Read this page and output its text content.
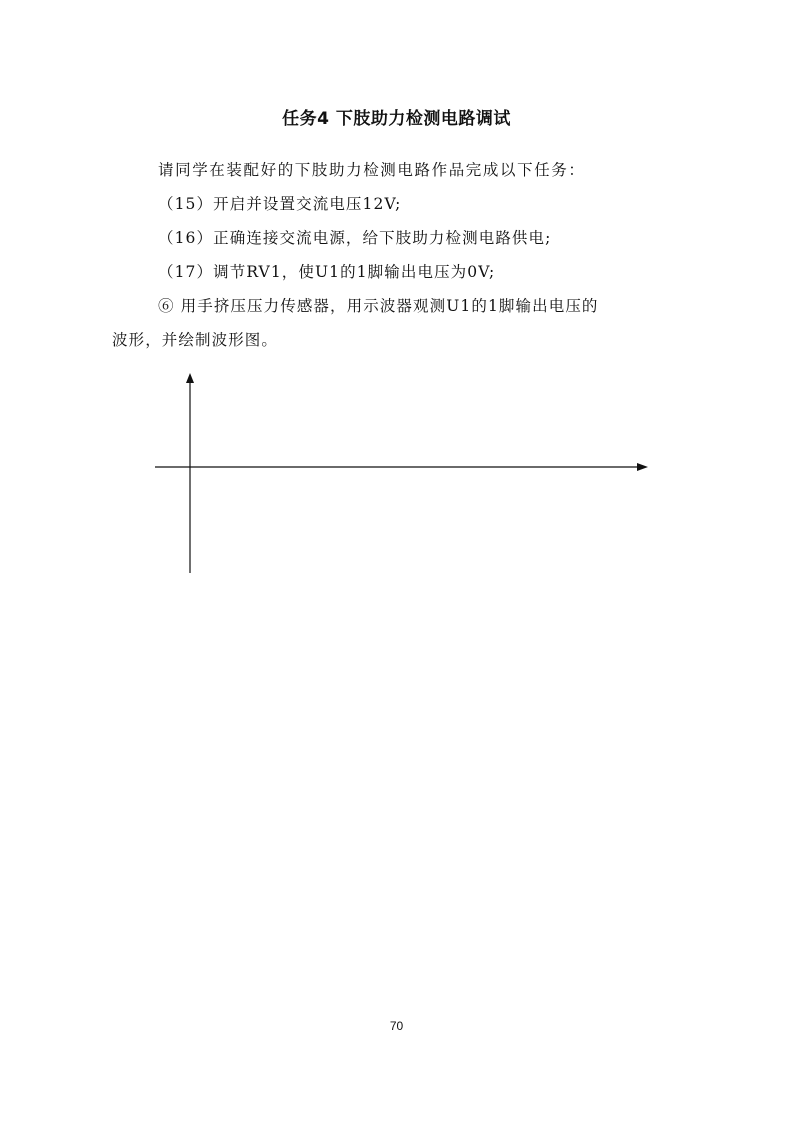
任务4 下肢助力检测电路调试
请同学在装配好的下肢助力检测电路作品完成以下任务：
（15）开启并设置交流电压12V;
（16）正确连接交流电源，给下肢助力检测电路供电;
（17）调节RV1，使U1的1脚输出电压为0V;
⑥ 用手挤压压力传感器，用示波器观测U1的1脚输出电压的
波形，并绘制波形图。
70
